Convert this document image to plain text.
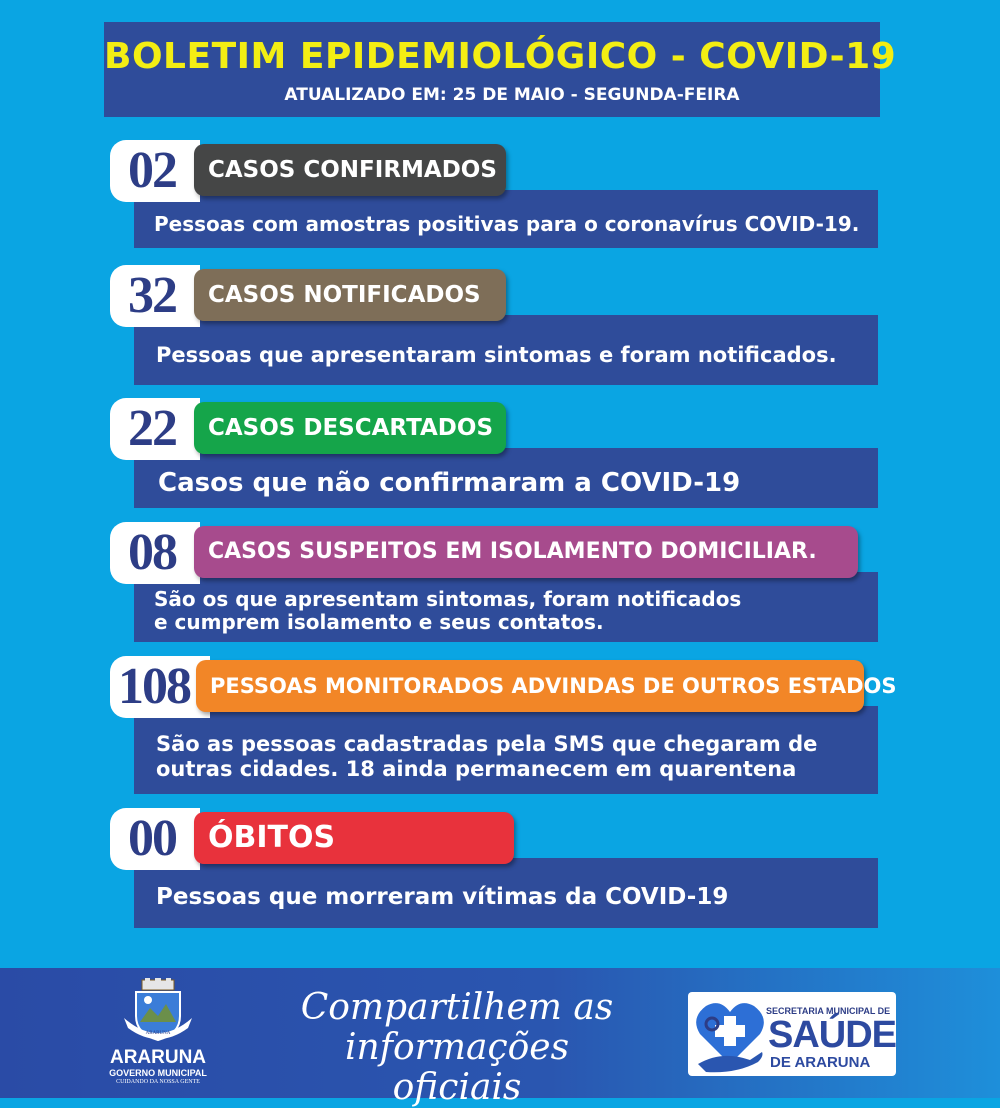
BOLETIM EPIDEMIOLÓGICO - COVID-19
ATUALIZADO EM: 25 DE MAIO - SEGUNDA-FEIRA
Pessoas com amostras positivas para o coronavírus COVID-19.
02	CASOS CONFIRMADOS
Pessoas que apresentaram sintomas e foram notificados.
32	CASOS NOTIFICADOS
Casos que não confirmaram a COVID-19
22	CASOS DESCARTADOS
São os que apresentam sintomas, foram notificados
e cumprem isolamento e seus contatos.
08	CASOS SUSPEITOS EM ISOLAMENTO DOMICILIAR.
São as pessoas cadastradas pela SMS que chegaram de
outras cidades. 18 ainda permanecem em quarentena
108 PESSOAS MONITORADOS ADVINDAS DE OUTROS ESTADOS
Pessoas que morreram vítimas da COVID-19
00	ÓBITOS
ARARUNA
ARARUNA
GOVERNO MUNICIPAL
CUIDANDO DA NOSSA GENTE
Compartilhem as
informações oficiais
SECRETARIA MUNICIPAL DE
SAÚDE
DE ARARUNA
